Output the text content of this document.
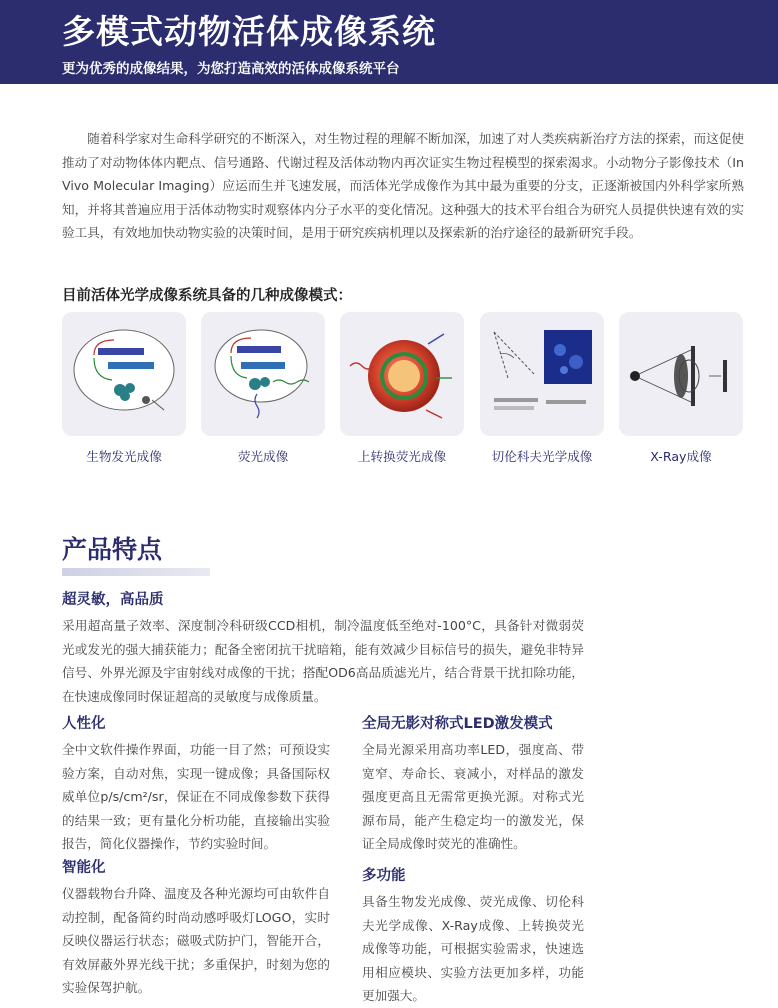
多模式动物活体成像系统

更为优秀的成像结果，为您打造高效的活体成像系统平台

随着科学家对生命科学研究的不断深入，对生物过程的理解不断加深，加速了对人类疾病新治疗方法的探索，而这促使推动了对动物体体内靶点、信号通路、代谢过程及活体动物内再次证实生物过程模型的探索渴求。小动物分子影像技术（In Vivo Molecular Imaging）应运而生并飞速发展，而活体光学成像作为其中最为重要的分支，正逐渐被国内外科学家所熟知，并将其普遍应用于活体动物实时观察体内分子水平的变化情况。这种强大的技术平台组合为研究人员提供快速有效的实验工具，有效地加快动物实验的决策时间，是用于研究疾病机理以及探索新的治疗途径的最新研究手段。

目前活体光学成像系统具备的几种成像模式：
生物发光成像	荧光成像	上转换荧光成像	切伦科夫光学成像	X-Ray成像
产品特点
超灵敏，高品质

采用超高量子效率、深度制冷科研级CCD相机，制冷温度低至绝对-100°C，具备针对微弱荧光或发光的强大捕获能力；配备全密闭抗干扰暗箱，能有效减少目标信号的损失，避免非特异信号、外界光源及宇宙射线对成像的干扰；搭配OD6高品质滤光片，结合背景干扰扣除功能，在快速成像同时保证超高的灵敏度与成像质量。

人性化

全中文软件操作界面，功能一目了然；可预设实验方案，自动对焦，实现一键成像；具备国际权威单位p/s/cm²/sr，保证在不同成像参数下获得的结果一致；更有量化分析功能，直接输出实验报告，简化仪器操作，节约实验时间。

智能化

仪器载物台升降、温度及各种光源均可由软件自动控制，配备简约时尚动感呼吸灯LOGO，实时反映仪器运行状态；磁吸式防护门，智能开合，有效屏蔽外界光线干扰；多重保护，时刻为您的实验保驾护航。

全局无影对称式LED激发模式

全局光源采用高功率LED，强度高、带宽窄、寿命长、衰减小，对样品的激发强度更高且无需常更换光源。对称式光源布局，能产生稳定均一的激发光，保证全局成像时荧光的准确性。

多功能

具备生物发光成像、荧光成像、切伦科夫光学成像、X-Ray成像、上转换荧光成像等功能，可根据实验需求，快速选用相应模块、实验方法更加多样，功能更加强大。
